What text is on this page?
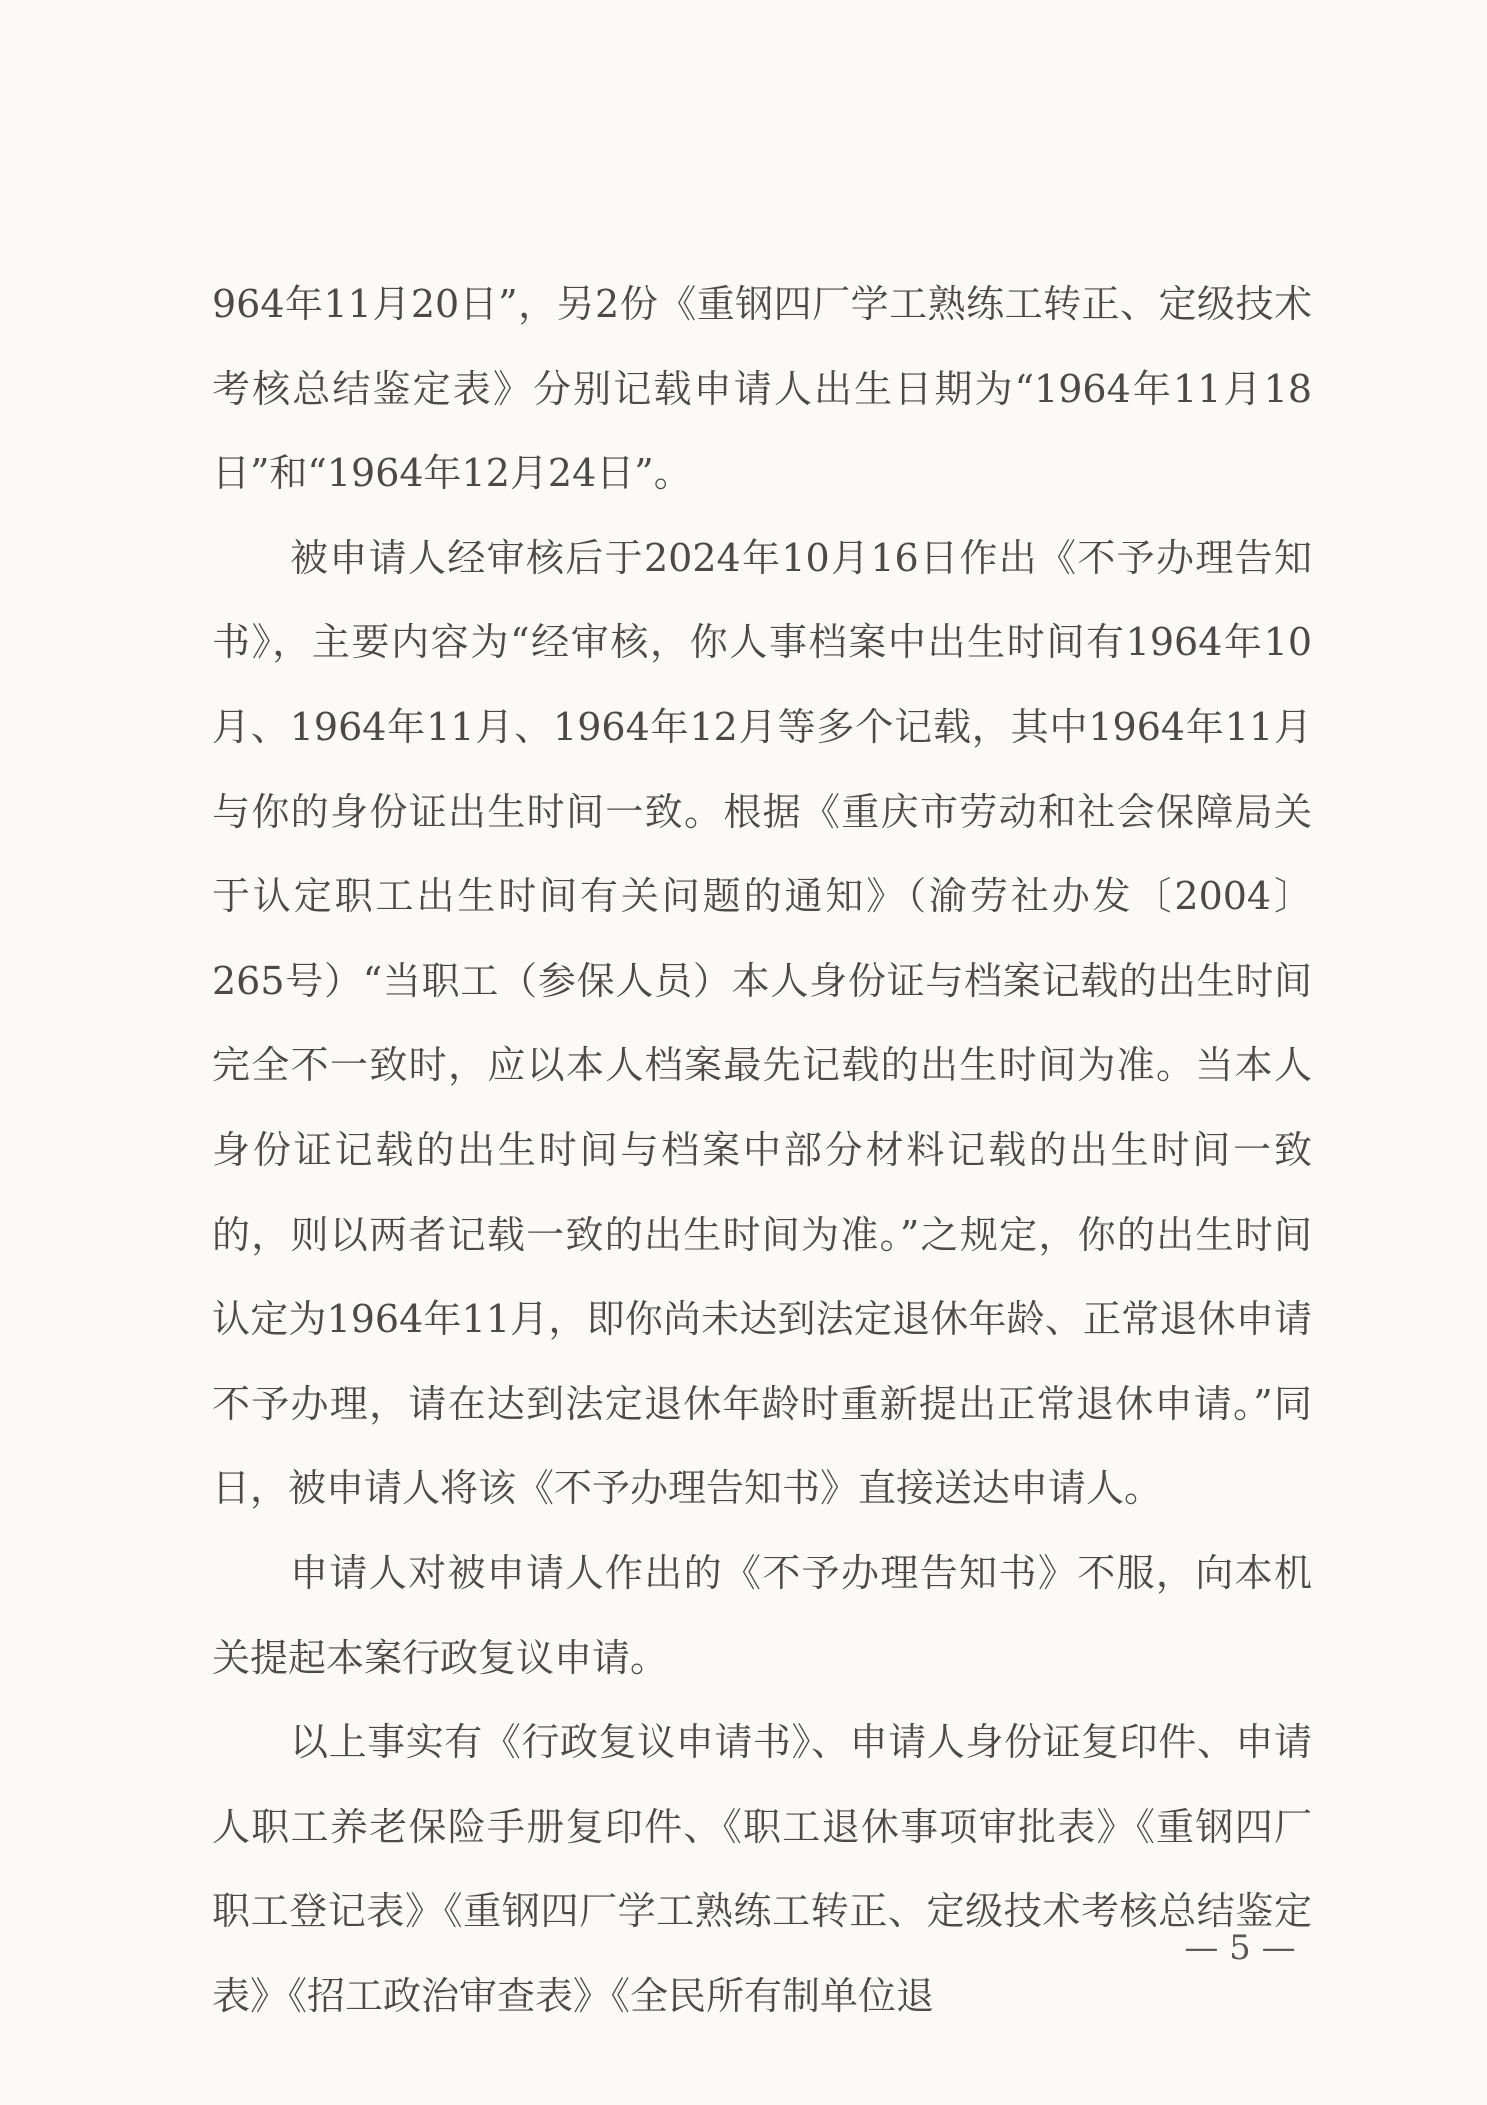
964年11月20日”，另2份《重钢四厂学工熟练工转正、定级技术考核总结鉴定表》分别记载申请人出生日期为“1964年11月18日”和“1964年12月24日”。

被申请人经审核后于2024年10月16日作出《不予办理告知书》，主要内容为“经审核，你人事档案中出生时间有1964年10月、1964年11月、1964年12月等多个记载，其中1964年11月与你的身份证出生时间一致。根据《重庆市劳动和社会保障局关于认定职工出生时间有关问题的通知》（渝劳社办发〔2004〕265号）“当职工（参保人员）本人身份证与档案记载的出生时间完全不一致时，应以本人档案最先记载的出生时间为准。当本人身份证记载的出生时间与档案中部分材料记载的出生时间一致的，则以两者记载一致的出生时间为准。”之规定，你的出生时间认定为1964年11月，即你尚未达到法定退休年龄、正常退休申请不予办理，请在达到法定退休年龄时重新提出正常退休申请。”同日，被申请人将该《不予办理告知书》直接送达申请人。

申请人对被申请人作出的《不予办理告知书》不服，向本机关提起本案行政复议申请。

以上事实有《行政复议申请书》、申请人身份证复印件、申请人职工养老保险手册复印件、《职工退休事项审批表》《重钢四厂职工登记表》《重钢四厂学工熟练工转正、定级技术考核总结鉴定表》《招工政治审查表》《全民所有制单位退

— 5 —
